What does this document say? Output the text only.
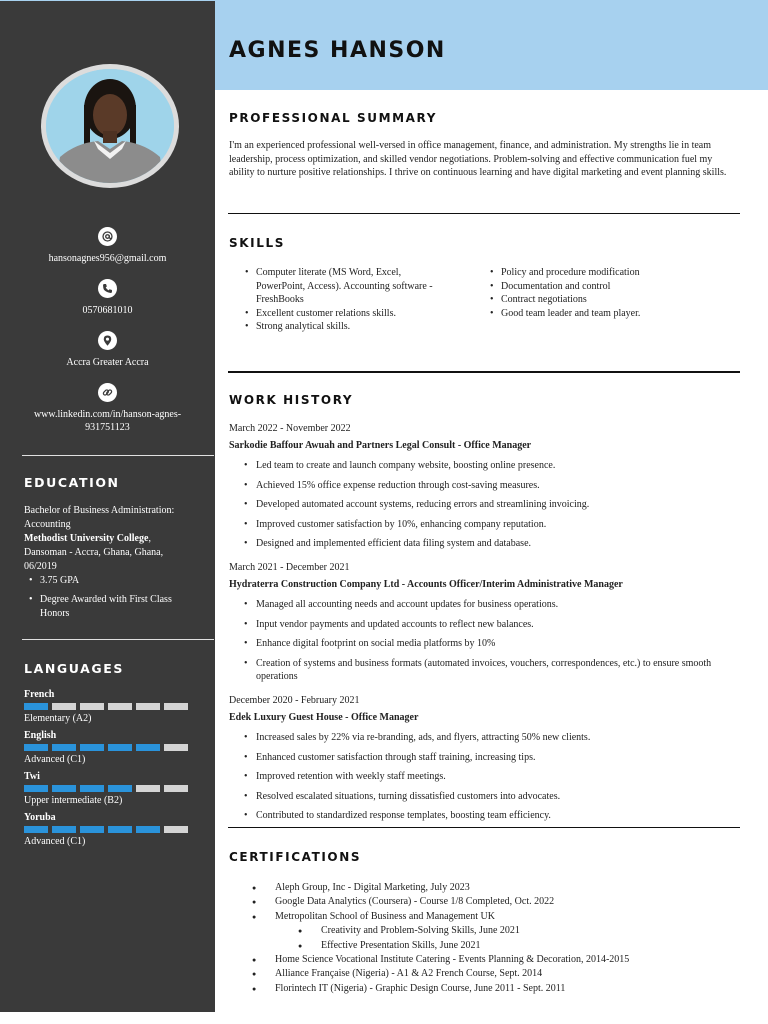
hansonagnes956@gmail.com
0570681010
Accra Greater Accra
www.linkedin.com/in/hanson-agnes-
931751123
EDUCATION
Bachelor of Business Administration: Accounting
Methodist University College,
Dansoman - Accra, Ghana, Ghana, 06/2019
• 3.75 GPA
• Degree Awarded with First Class Honors
LANGUAGES
French
Elementary (A2)
English
Advanced (C1)
Twi
Upper intermediate (B2)
Yoruba
Advanced (C1)
AGNES HANSON
PROFESSIONAL SUMMARY

I'm an experienced professional well-versed in office management, finance, and administration. My strengths lie in team leadership, process optimization, and skilled vendor negotiations. Problem-solving and effective communication fuel my ability to nurture positive relationships. I thrive on continuous learning and have digital marketing and event planning skills.

SKILLS
• Computer literate (MS Word, Excel, PowerPoint, Access). Accounting software - FreshBooks
• Excellent customer relations skills.
• Strong analytical skills.
• Policy and procedure modification
• Documentation and control
• Contract negotiations
• Good team leader and team player.
WORK HISTORY
March 2022 - November 2022
Sarkodie Baffour Awuah and Partners Legal Consult - Office Manager
• Led team to create and launch company website, boosting online presence.
• Achieved 15% office expense reduction through cost-saving measures.
• Developed automated account systems, reducing errors and streamlining invoicing.
• Improved customer satisfaction by 10%, enhancing company reputation.
• Designed and implemented efficient data filing system and database.
March 2021 - December 2021
Hydraterra Construction Company Ltd - Accounts Officer/Interim Administrative Manager
• Managed all accounting needs and account updates for business operations.
• Input vendor payments and updated accounts to reflect new balances.
• Enhance digital footprint on social media platforms by 10%
• Creation of systems and business formats (automated invoices, vouchers, correspondences, etc.) to ensure smooth operations
December 2020 - February 2021
Edek Luxury Guest House - Office Manager
• Increased sales by 22% via re-branding, ads, and flyers, attracting 50% new clients.
• Enhanced customer satisfaction through staff training, increasing tips.
• Improved retention with weekly staff meetings.
• Resolved escalated situations, turning dissatisfied customers into advocates.
• Contributed to standardized response templates, boosting team efficiency.
CERTIFICATIONS
● Aleph Group, Inc - Digital Marketing, July 2023
● Google Data Analytics (Coursera) - Course 1/8 Completed, Oct. 2022
● Metropolitan School of Business and Management UK
● Creativity and Problem-Solving Skills, June 2021
● Effective Presentation Skills, June 2021
● Home Science Vocational Institute Catering - Events Planning & Decoration, 2014-2015
● Alliance Française (Nigeria) - A1 & A2 French Course, Sept. 2014
● Florintech IT (Nigeria) - Graphic Design Course, June 2011 - Sept. 2011
